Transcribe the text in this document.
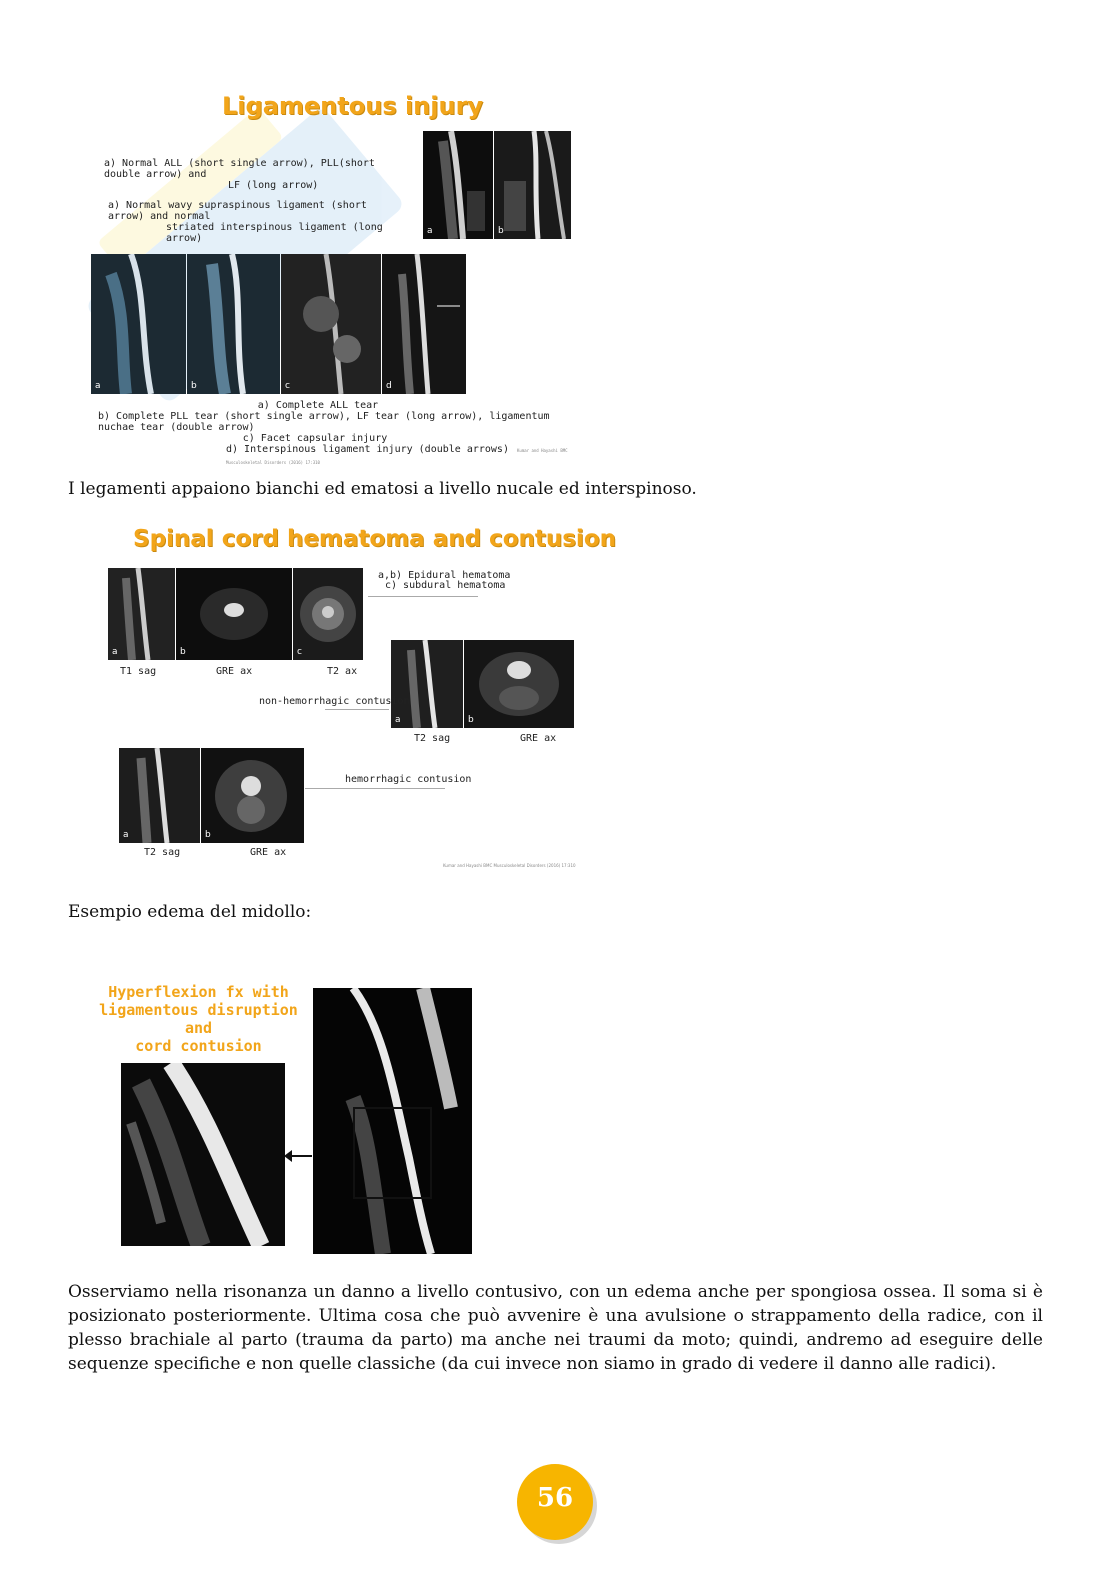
Ligamentous injury
a) Normal ALL (short single arrow), PLL(short double arrow) and
LF (long arrow)
a) Normal wavy supraspinous ligament (short arrow) and normal
striated interspinous ligament (long arrow)
a	b
a	b	c	d
a) Complete ALL tear
b) Complete PLL tear (short single arrow), LF tear (long arrow), ligamentum nuchae tear (double arrow)
c) Facet capsular injury
d) Interspinous ligament injury (double arrows) Kumar and Hayashi BMC Musculoskeletal Disorders (2016) 17:310
I legamenti appaiono bianchi ed ematosi a livello nucale ed interspinoso.
Spinal cord hematoma and contusion
a	b	c
T1 sag	GRE ax	T2 ax
a,b) Epidural hematoma
c) subdural hematoma
a	b
non-hemorrhagic contusion
T2 sag	GRE ax
a	b
hemorrhagic contusion
T2 sag	GRE ax
Kumar and Hayashi BMC Musculoskeletal Disorders (2016) 17:310
Esempio edema del midollo:
Hyperflexion fx with
ligamentous disruption and
cord contusion
Osserviamo nella risonanza un danno a livello contusivo, con un edema anche per spongiosa ossea. Il soma si è posizionato posteriormente. Ultima cosa che può avvenire è una avulsione o strappamento della radice, con il plesso brachiale al parto (trauma da parto) ma anche nei traumi da moto; quindi, andremo ad eseguire delle sequenze specifiche e non quelle classiche (da cui invece non siamo in grado di vedere il danno alle radici).
56
